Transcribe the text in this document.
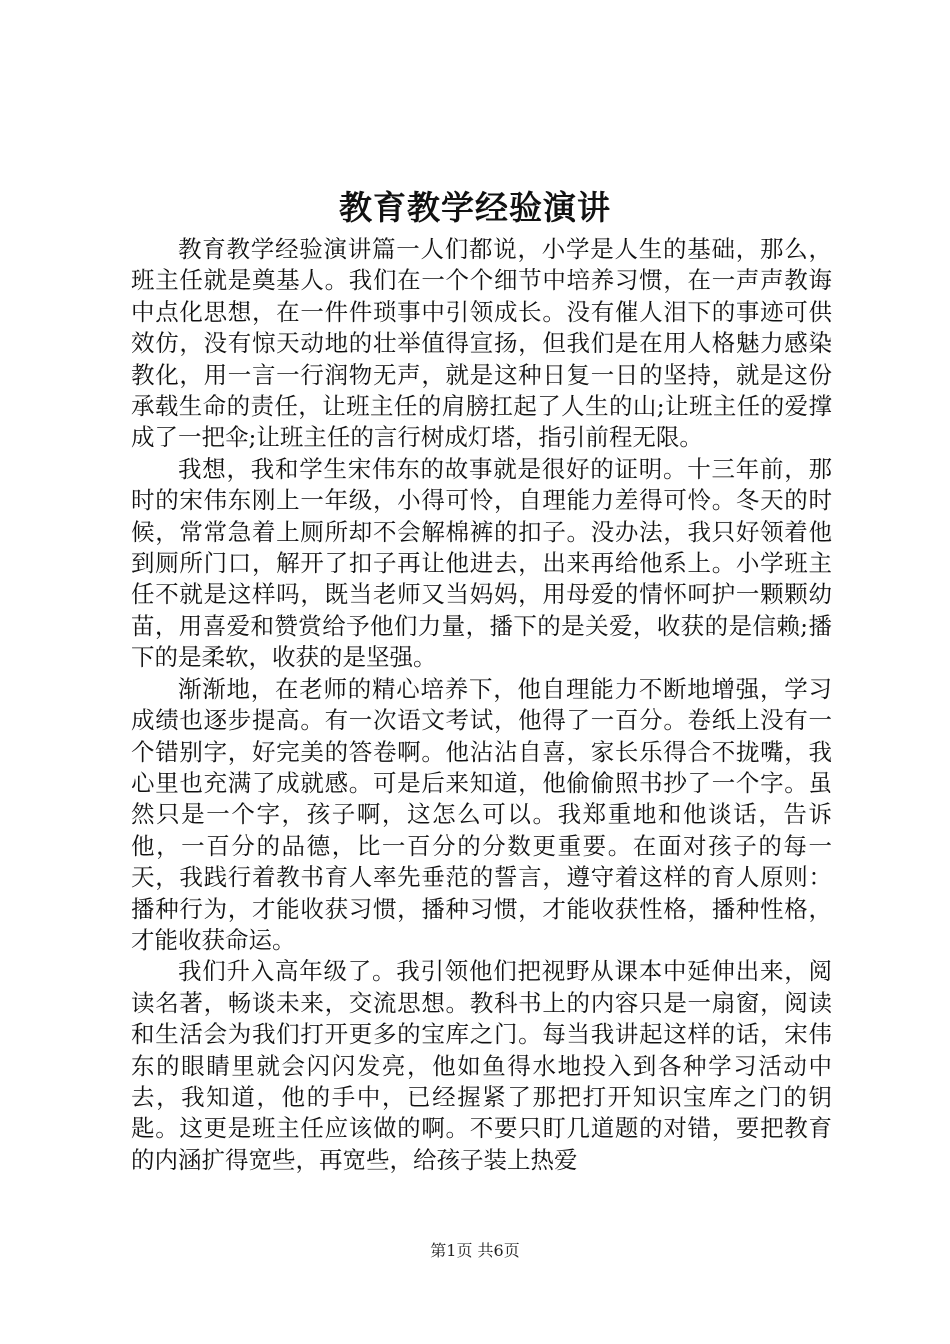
教育教学经验演讲

教育教学经验演讲篇一人们都说，小学是人生的基础，那么，班主任就是奠基人。我们在一个个细节中培养习惯，在一声声教诲中点化思想，在一件件琐事中引领成长。没有催人泪下的事迹可供效仿，没有惊天动地的壮举值得宣扬，但我们是在用人格魅力感染教化，用一言一行润物无声，就是这种日复一日的坚持，就是这份承载生命的责任，让班主任的肩膀扛起了人生的山;让班主任的爱撑成了一把伞;让班主任的言行树成灯塔，指引前程无限。

我想，我和学生宋伟东的故事就是很好的证明。十三年前，那时的宋伟东刚上一年级，小得可怜，自理能力差得可怜。冬天的时候，常常急着上厕所却不会解棉裤的扣子。没办法，我只好领着他到厕所门口，解开了扣子再让他进去，出来再给他系上。小学班主任不就是这样吗，既当老师又当妈妈，用母爱的情怀呵护一颗颗幼苗，用喜爱和赞赏给予他们力量，播下的是关爱，收获的是信赖;播下的是柔软，收获的是坚强。

渐渐地，在老师的精心培养下，他自理能力不断地增强，学习成绩也逐步提高。有一次语文考试，他得了一百分。卷纸上没有一个错别字，好完美的答卷啊。他沾沾自喜，家长乐得合不拢嘴，我心里也充满了成就感。可是后来知道，他偷偷照书抄了一个字。虽然只是一个字，孩子啊，这怎么可以。我郑重地和他谈话，告诉他，一百分的品德，比一百分的分数更重要。在面对孩子的每一天，我践行着教书育人率先垂范的誓言，遵守着这样的育人原则：播种行为，才能收获习惯，播种习惯，才能收获性格，播种性格，才能收获命运。

我们升入高年级了。我引领他们把视野从课本中延伸出来，阅读名著，畅谈未来，交流思想。教科书上的内容只是一扇窗，阅读和生活会为我们打开更多的宝库之门。每当我讲起这样的话，宋伟东的眼睛里就会闪闪发亮，他如鱼得水地投入到各种学习活动中去，我知道，他的手中，已经握紧了那把打开知识宝库之门的钥匙。这更是班主任应该做的啊。不要只盯几道题的对错，要把教育的内涵扩得宽些，再宽些，给孩子装上热爱

第1页 共6页
